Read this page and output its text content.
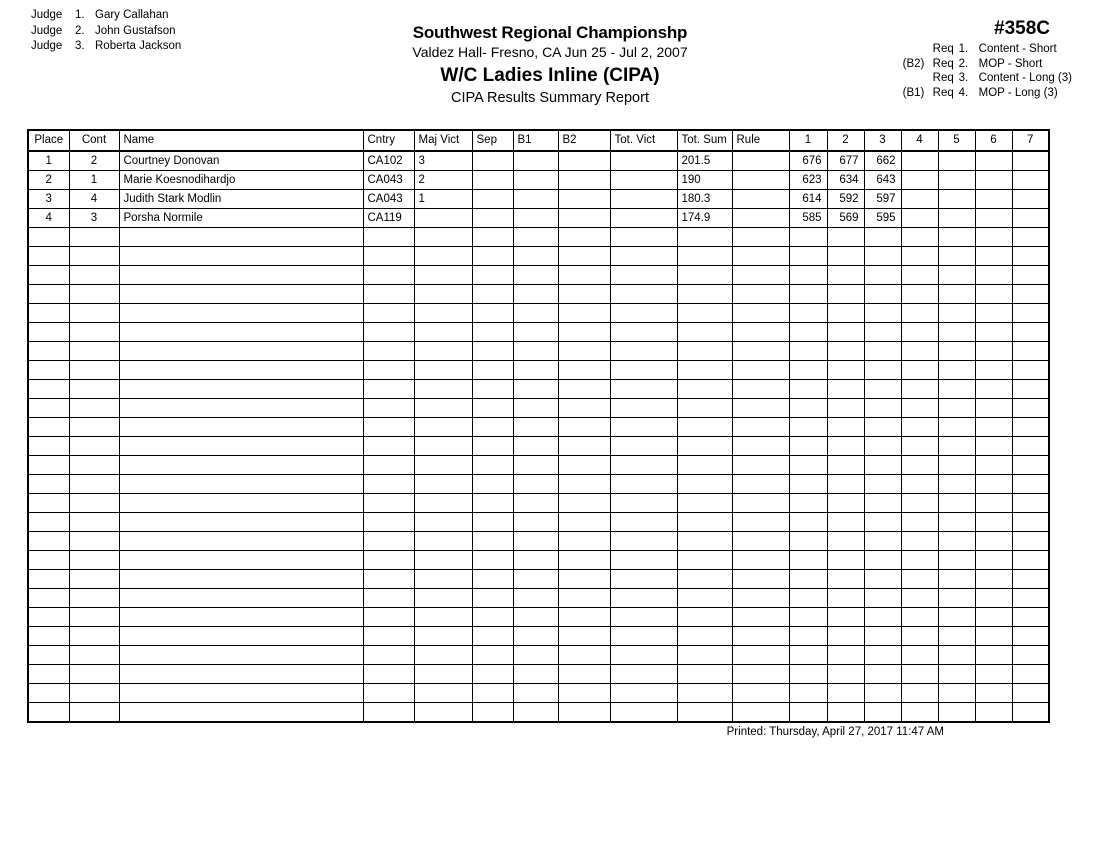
Judge 1. Gary Callahan
Judge 2. John Gustafson
Judge 3. Roberta Jackson
Southwest Regional Championshp
Valdez Hall- Fresno, CA Jun 25 - Jul 2, 2007
W/C Ladies Inline (CIPA)
CIPA Results Summary Report
#358C
Req 1. Content - Short
(B2) Req 2. MOP - Short
Req 3. Content - Long (3)
(B1) Req 4. MOP - Long (3)
Place	Cont	Name	Cntry	Maj Vict	Sep	B1	B2	Tot. Vict	Tot. Sum	Rule	1	2	3	4	5	6	7
1	2	Courtney Donovan	CA102	3					201.5		676	677	662				
2	1	Marie Koesnodihardjo	CA043	2					190		623	634	643				
3	4	Judith Stark Modlin	CA043	1					180.3		614	592	597				
4	3	Porsha Normile	CA119						174.9		585	569	595				

Printed: Thursday, April 27, 2017 11:47 AM
